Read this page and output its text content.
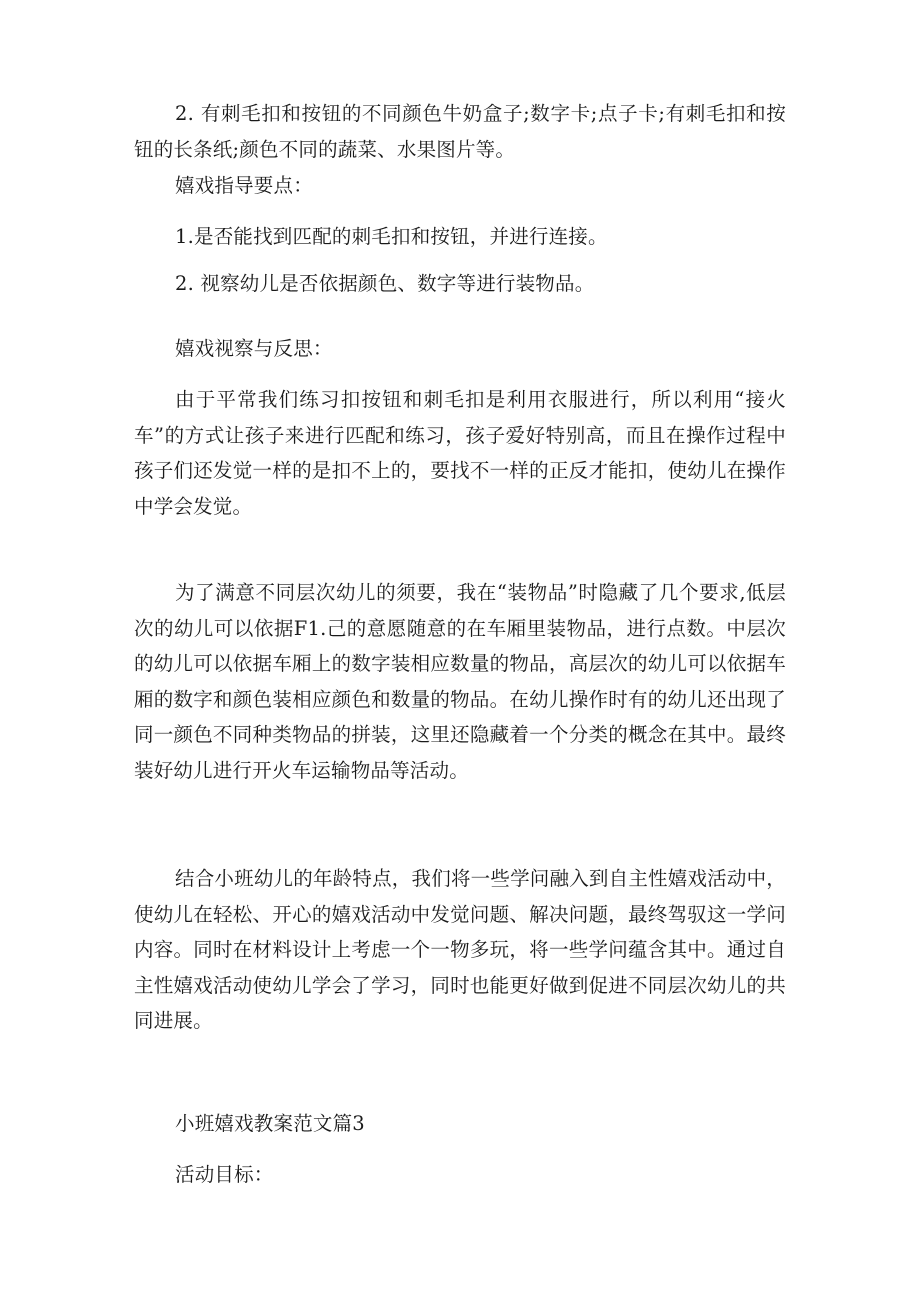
2. 有刺毛扣和按钮的不同颜色牛奶盒子;数字卡;点子卡;有刺毛扣和按钮的长条纸;颜色不同的蔬菜、水果图片等。

嬉戏指导要点：

1.是否能找到匹配的刺毛扣和按钮，并进行连接。

2. 视察幼儿是否依据颜色、数字等进行装物品。

嬉戏视察与反思：

由于平常我们练习扣按钮和刺毛扣是利用衣服进行，所以利用“接火车”的方式让孩子来进行匹配和练习，孩子爱好特别高，而且在操作过程中孩子们还发觉一样的是扣不上的，要找不一样的正反才能扣，使幼儿在操作中学会发觉。

为了满意不同层次幼儿的须要，我在“装物品”时隐藏了几个要求,低层次的幼儿可以依据F1.己的意愿随意的在车厢里装物品，进行点数。中层次的幼儿可以依据车厢上的数字装相应数量的物品，高层次的幼儿可以依据车厢的数字和颜色装相应颜色和数量的物品。在幼儿操作时有的幼儿还出现了同一颜色不同种类物品的拼装，这里还隐藏着一个分类的概念在其中。最终装好幼儿进行开火车运输物品等活动。

结合小班幼儿的年龄特点，我们将一些学问融入到自主性嬉戏活动中，使幼儿在轻松、开心的嬉戏活动中发觉问题、解决问题，最终驾驭这一学问内容。同时在材料设计上考虑一个一物多玩，将一些学问蕴含其中。通过自主性嬉戏活动使幼儿学会了学习，同时也能更好做到促进不同层次幼儿的共同进展。

小班嬉戏教案范文篇3

活动目标：
